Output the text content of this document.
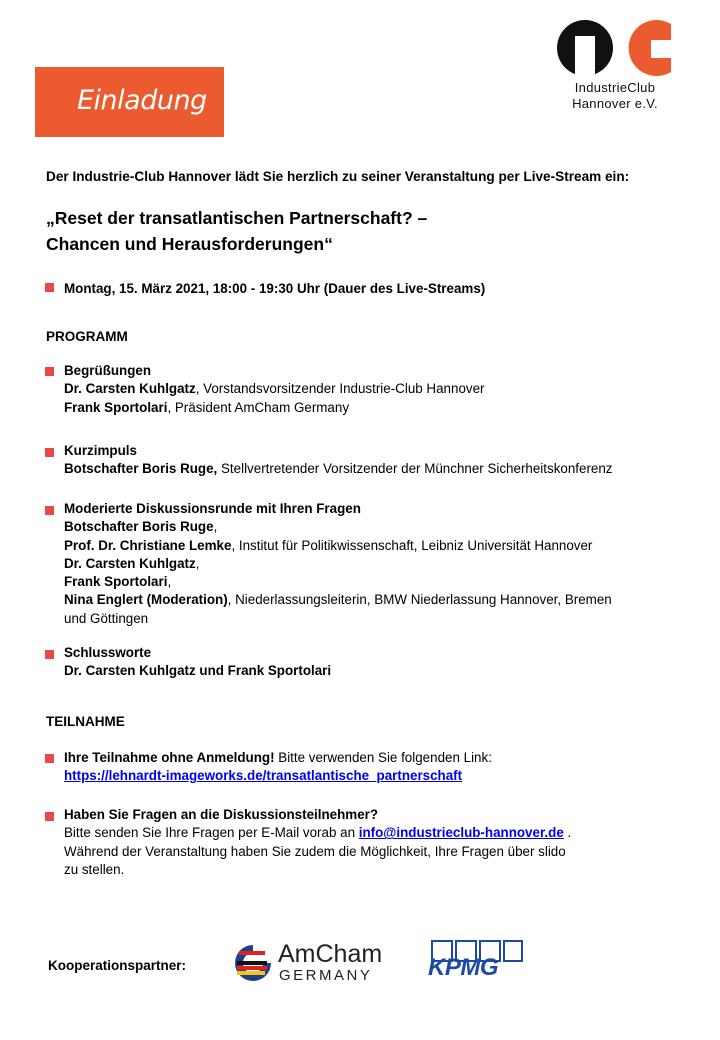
Einladung	IndustrieClub
Hannover e.V.
Der Industrie-Club Hannover lädt Sie herzlich zu seiner Veranstaltung per Live-Stream ein:
„Reset der transatlantischen Partnerschaft? –
Chancen und Herausforderungen“
Montag, 15. März 2021, 18:00 - 19:30 Uhr (Dauer des Live-Streams)
PROGRAMM
Begrüßungen
Dr. Carsten Kuhlgatz, Vorstandsvorsitzender Industrie-Club Hannover
Frank Sportolari, Präsident AmCham Germany
Kurzimpuls
Botschafter Boris Ruge, Stellvertretender Vorsitzender der Münchner Sicherheitskonferenz
Moderierte Diskussionsrunde mit Ihren Fragen
Botschafter Boris Ruge,
Prof. Dr. Christiane Lemke, Institut für Politikwissenschaft, Leibniz Universität Hannover
Dr. Carsten Kuhlgatz,
Frank Sportolari,
Nina Englert (Moderation), Niederlassungsleiterin, BMW Niederlassung Hannover, Bremen
und Göttingen
Schlussworte
Dr. Carsten Kuhlgatz und Frank Sportolari
TEILNAHME
Ihre Teilnahme ohne Anmeldung! Bitte verwenden Sie folgenden Link:
https://lehnardt-imageworks.de/transatlantische_partnerschaft
Haben Sie Fragen an die Diskussionsteilnehmer?
Bitte senden Sie Ihre Fragen per E-Mail vorab an info@industrieclub-hannover.de .
Während der Veranstaltung haben Sie zudem die Möglichkeit, Ihre Fragen über slido
zu stellen.
Kooperationspartner:	AmCham
GERMANY KPMG
